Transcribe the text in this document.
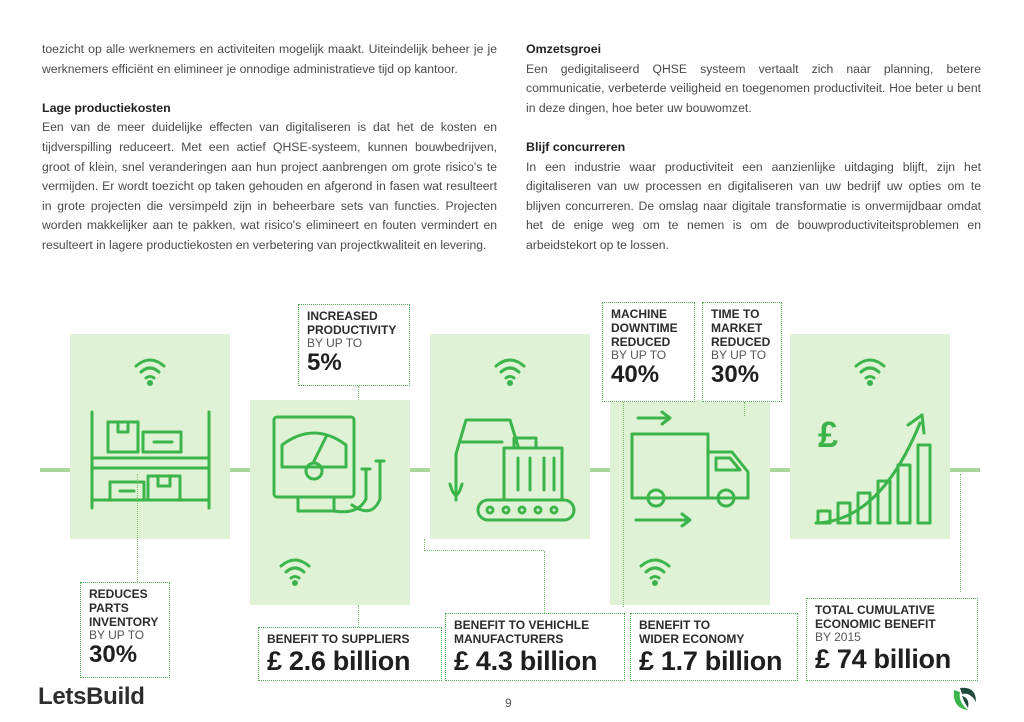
toezicht op alle werknemers en activiteiten mogelijk maakt. Uiteindelijk beheer je je werknemers efficiënt en elimineer je onnodige administratieve tijd op kantoor.

Lage productiekosten

Een van de meer duidelijke effecten van digitaliseren is dat het de kosten en tijdverspilling reduceert. Met een actief QHSE-systeem, kunnen bouwbedrijven, groot of klein, snel veranderingen aan hun project aanbrengen om grote risico's te vermijden. Er wordt toezicht op taken gehouden en afgerond in fasen wat resulteert in grote projecten die versimpeld zijn in beheerbare sets van functies. Projecten worden makkelijker aan te pakken, wat risico's elimineert en fouten vermindert en resulteert in lagere productiekosten en verbetering van projectkwaliteit en levering.

Omzetsgroei

Een gedigitaliseerd QHSE systeem vertaalt zich naar planning, betere communicatie, verbeterde veiligheid en toegenomen productiviteit. Hoe beter u bent in deze dingen, hoe beter uw bouwomzet.

Blijf concurreren

In een industrie waar productiviteit een aanzienlijke uitdaging blijft, zijn het digitaliseren van uw processen en digitaliseren van uw bedrijf uw opties om te blijven concurreren. De omslag naar digitale transformatie is onvermijdbaar omdat het de enige weg om te nemen is om de bouwproductiviteitsproblemen en arbeidstekort op te lossen.

£
REDUCES
PARTS
INVENTORY
BY UP TO
30%
INCREASED
PRODUCTIVITY
BY UP TO
5%
BENEFIT TO SUPPLIERS
£ 2.6 billion
BENEFIT TO VEHICHLE
MANUFACTURERS
£ 4.3 billion
MACHINE
DOWNTIME
REDUCED
BY UP TO
40%
TIME TO
MARKET
REDUCED
BY UP TO
30%
BENEFIT TO
WIDER ECONOMY
£ 1.7 billion
TOTAL CUMULATIVE
ECONOMIC BENEFIT
BY 2015
£ 74 billion
LetsBuild	9
